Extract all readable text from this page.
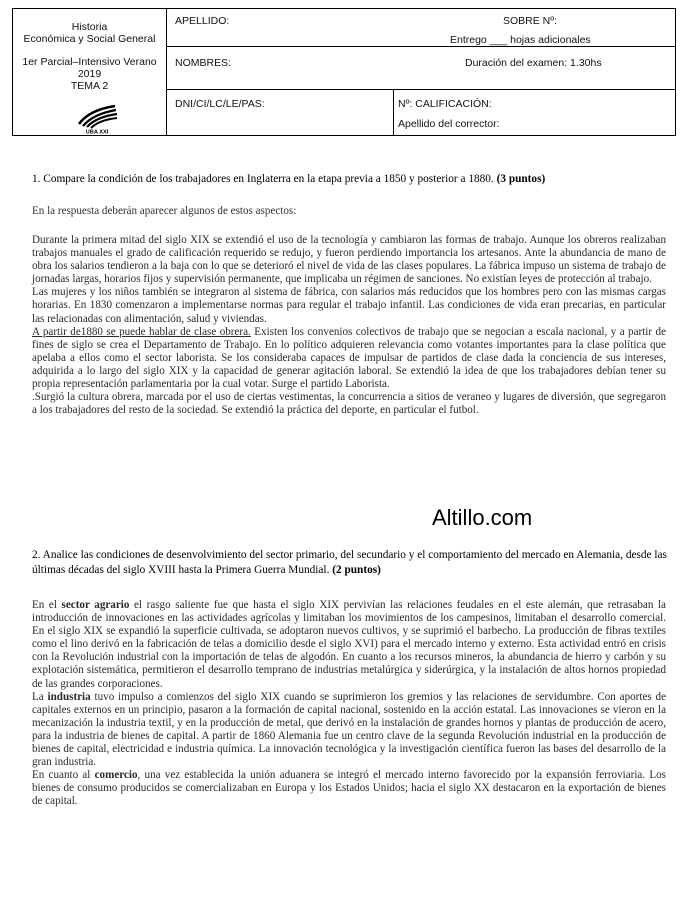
Historia
Económica y Social General
1er Parcial–Intensivo Verano
2019
TEMA 2
UBA XXI
APELLIDO:	SOBRE Nº:
Entrego ___ hojas adicionales
NOMBRES:	Duración del examen: 1.30hs
DNI/CI/LC/LE/PAS:	Nº: CALIFICACIÓN:
Apellido del corrector:
1. Compare la condición de los trabajadores en Inglaterra en la etapa previa a 1850 y posterior a 1880. (3 puntos)
En la respuesta deberán aparecer algunos de estos aspectos:

Durante la primera mitad del siglo XIX se extendió el uso de la tecnología y cambiaron las formas de trabajo. Aunque los obreros realizaban trabajos manuales el grado de calificación requerido se redujo, y fueron perdiendo importancia los artesanos. Ante la abundancia de mano de obra los salarios tendieron a la baja con lo que se deterioró el nivel de vida de las clases populares. La fábrica impuso un sistema de trabajo de jornadas largas, horarios fijos y supervisión permanente, que implicaba un régimen de sanciones. No existían leyes de protección al trabajo.

Las mujeres y los niños también se integraron al sistema de fábrica, con salarios más reducidos que los hombres pero con las mismas cargas horarias. En 1830 comenzaron a implementarse normas para regular el trabajo infantil. Las condiciones de vida eran precarias, en particular las relacionadas con alimentación, salud y viviendas.

A partir de1880 se puede hablar de clase obrera. Existen los convenios colectivos de trabajo que se negocian a escala nacional, y a partir de fines de siglo se crea el Departamento de Trabajo. En lo político adquieren relevancia como votantes importantes para la clase política que apelaba a ellos como el sector laborista. Se los consideraba capaces de impulsar de partidos de clase dada la conciencia de sus intereses, adquirida a lo largo del siglo XIX y la capacidad de generar agitación laboral. Se extendió la idea de que los trabajadores debían tener su propia representación parlamentaria por la cual votar. Surge el partido Laborista.

.Surgió la cultura obrera, marcada por el uso de ciertas vestimentas, la concurrencia a sitios de veraneo y lugares de diversión, que segregaron a los trabajadores del resto de la sociedad. Se extendió la práctica del deporte, en particular el futbol.

Altillo.com
2. Analice las condiciones de desenvolvimiento del sector primario, del secundario y el comportamiento del mercado en Alemania, desde las últimas décadas del siglo XVIII hasta la Primera Guerra Mundial. (2 puntos)

En el sector agrario el rasgo saliente fue que hasta el siglo XIX pervivían las relaciones feudales en el este alemán, que retrasaban la introducción de innovaciones en las actividades agrícolas y limitaban los movimientos de los campesinos, limitaban el desarrollo comercial. En el siglo XIX se expandió la superficie cultivada, se adoptaron nuevos cultivos, y se suprimió el barbecho. La producción de fibras textiles como el lino derivó en la fabricación de telas a domicilio desde el siglo XVI) para el mercado interno y externo. Esta actividad entró en crisis con la Revolución industrial con la importación de telas de algodón. En cuanto a los recursos mineros, la abundancia de hierro y carbón y su explotación sistemática, permitieron el desarrollo temprano de industrias metalúrgica y siderúrgica, y la instalación de altos hornos propiedad de las grandes corporaciones.

La industria tuvo impulso a comienzos del siglo XIX cuando se suprimieron los gremios y las relaciones de servidumbre. Con aportes de capitales externos en un principio, pasaron a la formación de capital nacional, sostenido en la acción estatal. Las innovaciones se vieron en la mecanización la industria textil, y en la producción de metal, que derivó en la instalación de grandes hornos y plantas de producción de acero, para la industria de bienes de capital. A partir de 1860 Alemania fue un centro clave de la segunda Revolución industrial en la producción de bienes de capital, electricidad e industria química. La innovación tecnológica y la investigación científica fueron las bases del desarrollo de la gran industria.

En cuanto al comercio, una vez establecida la unión aduanera se integró el mercado interno favorecido por la expansión ferroviaria. Los bienes de consumo producidos se comercializaban en Europa y los Estados Unidos; hacia el siglo XX destacaron en la exportación de bienes de capital.
